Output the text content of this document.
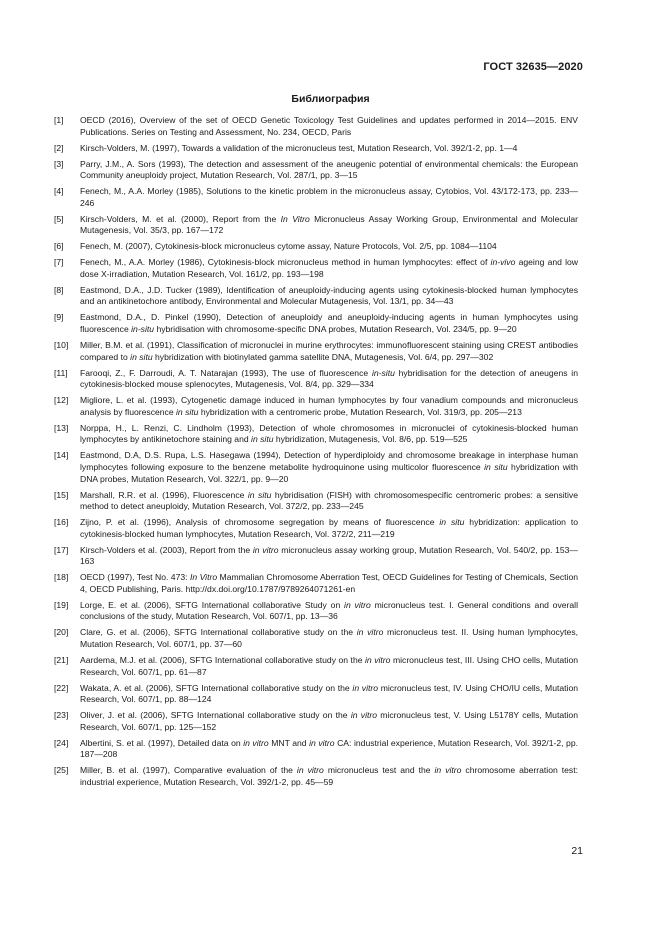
ГОСТ 32635—2020
Библиография
[1]	OECD (2016), Overview of the set of OECD Genetic Toxicology Test Guidelines and updates performed in 2014—2015. ENV Publications. Series on Testing and Assessment, No. 234, OECD, Paris
[2]	Kirsch-Volders, M. (1997), Towards a validation of the micronucleus test, Mutation Research, Vol. 392/1-2, pp. 1—4
[3]	Parry, J.M., A. Sors (1993), The detection and assessment of the aneugenic potential of environmental chemicals: the European Community aneuploidy project, Mutation Research, Vol. 287/1, pp. 3—15
[4]	Fenech, M., A.A. Morley (1985), Solutions to the kinetic problem in the micronucleus assay, Cytobios, Vol. 43/172-173, pp. 233—246
[5]	Kirsch-Volders, M. et al. (2000), Report from the In Vitro Micronucleus Assay Working Group, Environmental and Molecular Mutagenesis, Vol. 35/3, pp. 167—172
[6]	Fenech, M. (2007), Cytokinesis-block micronucleus cytome assay, Nature Protocols, Vol. 2/5, pp. 1084—1104
[7]	Fenech, M., A.A. Morley (1986), Cytokinesis-block micronucleus method in human lymphocytes: effect of in-vivo ageing and low dose X-irradiation, Mutation Research, Vol. 161/2, pp. 193—198
[8]	Eastmond, D.A., J.D. Tucker (1989), Identification of aneuploidy-inducing agents using cytokinesis-blocked human lymphocytes and an antikinetochore antibody, Environmental and Molecular Mutagenesis, Vol. 13/1, pp. 34—43
[9]	Eastmond, D.A., D. Pinkel (1990), Detection of aneuploidy and aneuploidy-inducing agents in human lymphocytes using fluorescence in-situ hybridisation with chromosome-specific DNA probes, Mutation Research, Vol. 234/5, pp. 9—20
[10]	Miller, B.M. et al. (1991), Classification of micronuclei in murine erythrocytes: immunofluorescent staining using CREST antibodies compared to in situ hybridization with biotinylated gamma satellite DNA, Mutagenesis, Vol. 6/4, pp. 297—302
[11]	Farooqi, Z., F. Darroudi, A. T. Natarajan (1993), The use of fluorescence in-situ hybridisation for the detection of aneugens in cytokinesis-blocked mouse splenocytes, Mutagenesis, Vol. 8/4, pp. 329—334
[12]	Migliore, L. et al. (1993), Cytogenetic damage induced in human lymphocytes by four vanadium compounds and micronucleus analysis by fluorescence in situ hybridization with a centromeric probe, Mutation Research, Vol. 319/3, pp. 205—213
[13]	Norppa, H., L. Renzi, C. Lindholm (1993), Detection of whole chromosomes in micronuclei of cytokinesis-blocked human lymphocytes by antikinetochore staining and in situ hybridization, Mutagenesis, Vol. 8/6, pp. 519—525
[14]	Eastmond, D.A, D.S. Rupa, L.S. Hasegawa (1994), Detection of hyperdiploidy and chromosome breakage in interphase human lymphocytes following exposure to the benzene metabolite hydroquinone using multicolor fluorescence in situ hybridization with DNA probes, Mutation Research, Vol. 322/1, pp. 9—20
[15]	Marshall, R.R. et al. (1996), Fluorescence in situ hybridisation (FISH) with chromosomespecific centromeric probes: a sensitive method to detect aneuploidy, Mutation Research, Vol. 372/2, pp. 233—245
[16]	Zijno, P. et al. (1996), Analysis of chromosome segregation by means of fluorescence in situ hybridization: application to cytokinesis-blocked human lymphocytes, Mutation Research, Vol. 372/2, 211—219
[17]	Kirsch-Volders et al. (2003), Report from the in vitro micronucleus assay working group, Mutation Research, Vol. 540/2, pp. 153—163
[18]	OECD (1997), Test No. 473: In Vitro Mammalian Chromosome Aberration Test, OECD Guidelines for Testing of Chemicals, Section 4, OECD Publishing, Paris. http://dx.doi.org/10.1787/9789264071261-en
[19]	Lorge, E. et al. (2006), SFTG International collaborative Study on in vitro micronucleus test. I. General conditions and overall conclusions of the study, Mutation Research, Vol. 607/1, pp. 13—36
[20]	Clare, G. et al. (2006), SFTG International collaborative study on the in vitro micronucleus test. II. Using human lymphocytes, Mutation Research, Vol. 607/1, pp. 37—60
[21]	Aardema, M.J. et al. (2006), SFTG International collaborative study on the in vitro micronucleus test, III. Using CHO cells, Mutation Research, Vol. 607/1, pp. 61—87
[22]	Wakata, A. et al. (2006), SFTG International collaborative study on the in vitro micronucleus test, IV. Using CHO/IU cells, Mutation Research, Vol. 607/1, pp. 88—124
[23]	Oliver, J. et al. (2006), SFTG International collaborative study on the in vitro micronucleus test, V. Using L5178Y cells, Mutation Research, Vol. 607/1, pp. 125—152
[24]	Albertini, S. et al. (1997), Detailed data on in vitro MNT and in vitro CA: industrial experience, Mutation Research, Vol. 392/1-2, pp. 187—208
[25]	Miller, B. et al. (1997), Comparative evaluation of the in vitro micronucleus test and the in vitro chromosome aberration test: industrial experience, Mutation Research, Vol. 392/1-2, pp. 45—59
21
